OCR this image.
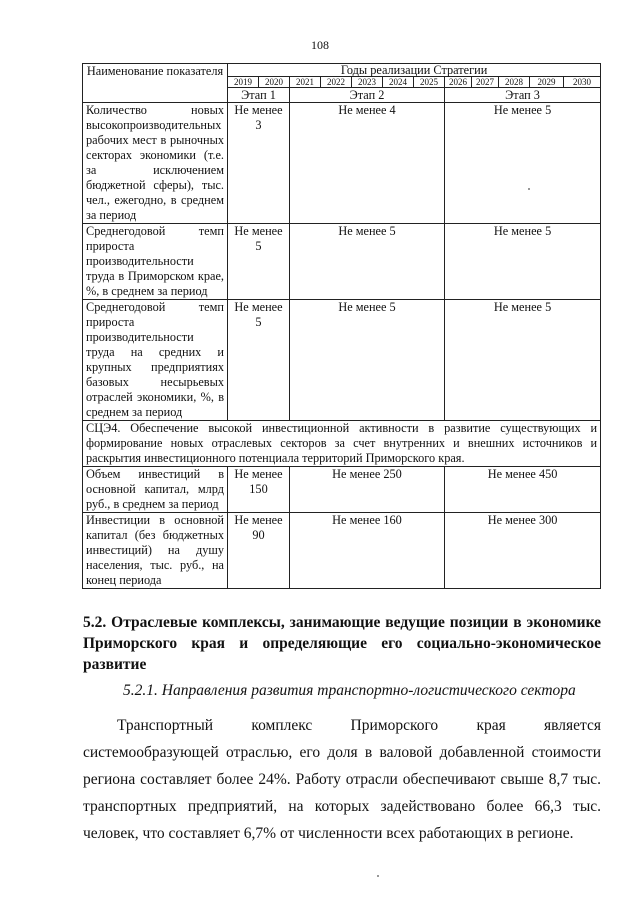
108
Наименование показателя	Годы реализации Стратегии											
	2019	2020	2021	2022	2023	2024	2025	2026	2027	2028	2029	2030
	Этап 1		Этап 2					Этап 3				
Количество новых высокопроизводительных рабочих мест в рыночных секторах экономики (т.е. за исключением бюджетной сферы), тыс. чел., ежегодно, в среднем за период	Не менее 3		Не менее 4					Не менее 5				
Среднегодовой темп прироста производительности труда в Приморском крае, %, в среднем за период	Не менее 5		Не менее 5					Не менее 5				
Среднегодовой темп прироста производительности труда на средних и крупных предприятиях базовых несырьевых отраслей экономики, %, в среднем за период	Не менее 5		Не менее 5					Не менее 5				
СЦЭ4. Обеспечение высокой инвестиционной активности в развитие существующих и формирование новых отраслевых секторов за счет внутренних и внешних источников и раскрытия инвестиционного потенциала территорий Приморского края.												
Объем инвестиций в основной капитал, млрд руб., в среднем за период	Не менее 150		Не менее 250					Не менее 450				
Инвестиции в основной капитал (без бюджетных инвестиций) на душу населения, тыс. руб., на конец периода	Не менее 90		Не менее 160					Не менее 300				
5.2. Отраслевые комплексы, занимающие ведущие позиции в экономике Приморского края и определяющие его социально-экономическое развитие
5.2.1. Направления развития транспортно-логистического сектора

Транспортный комплекс Приморского края является системообразующей отраслью, его доля в валовой добавленной стоимости региона составляет более 24%. Работу отрасли обеспечивают свыше 8,7 тыс. транспортных предприятий, на которых задействовано более 66,3 тыс. человек, что составляет 6,7% от численности всех работающих в регионе.
